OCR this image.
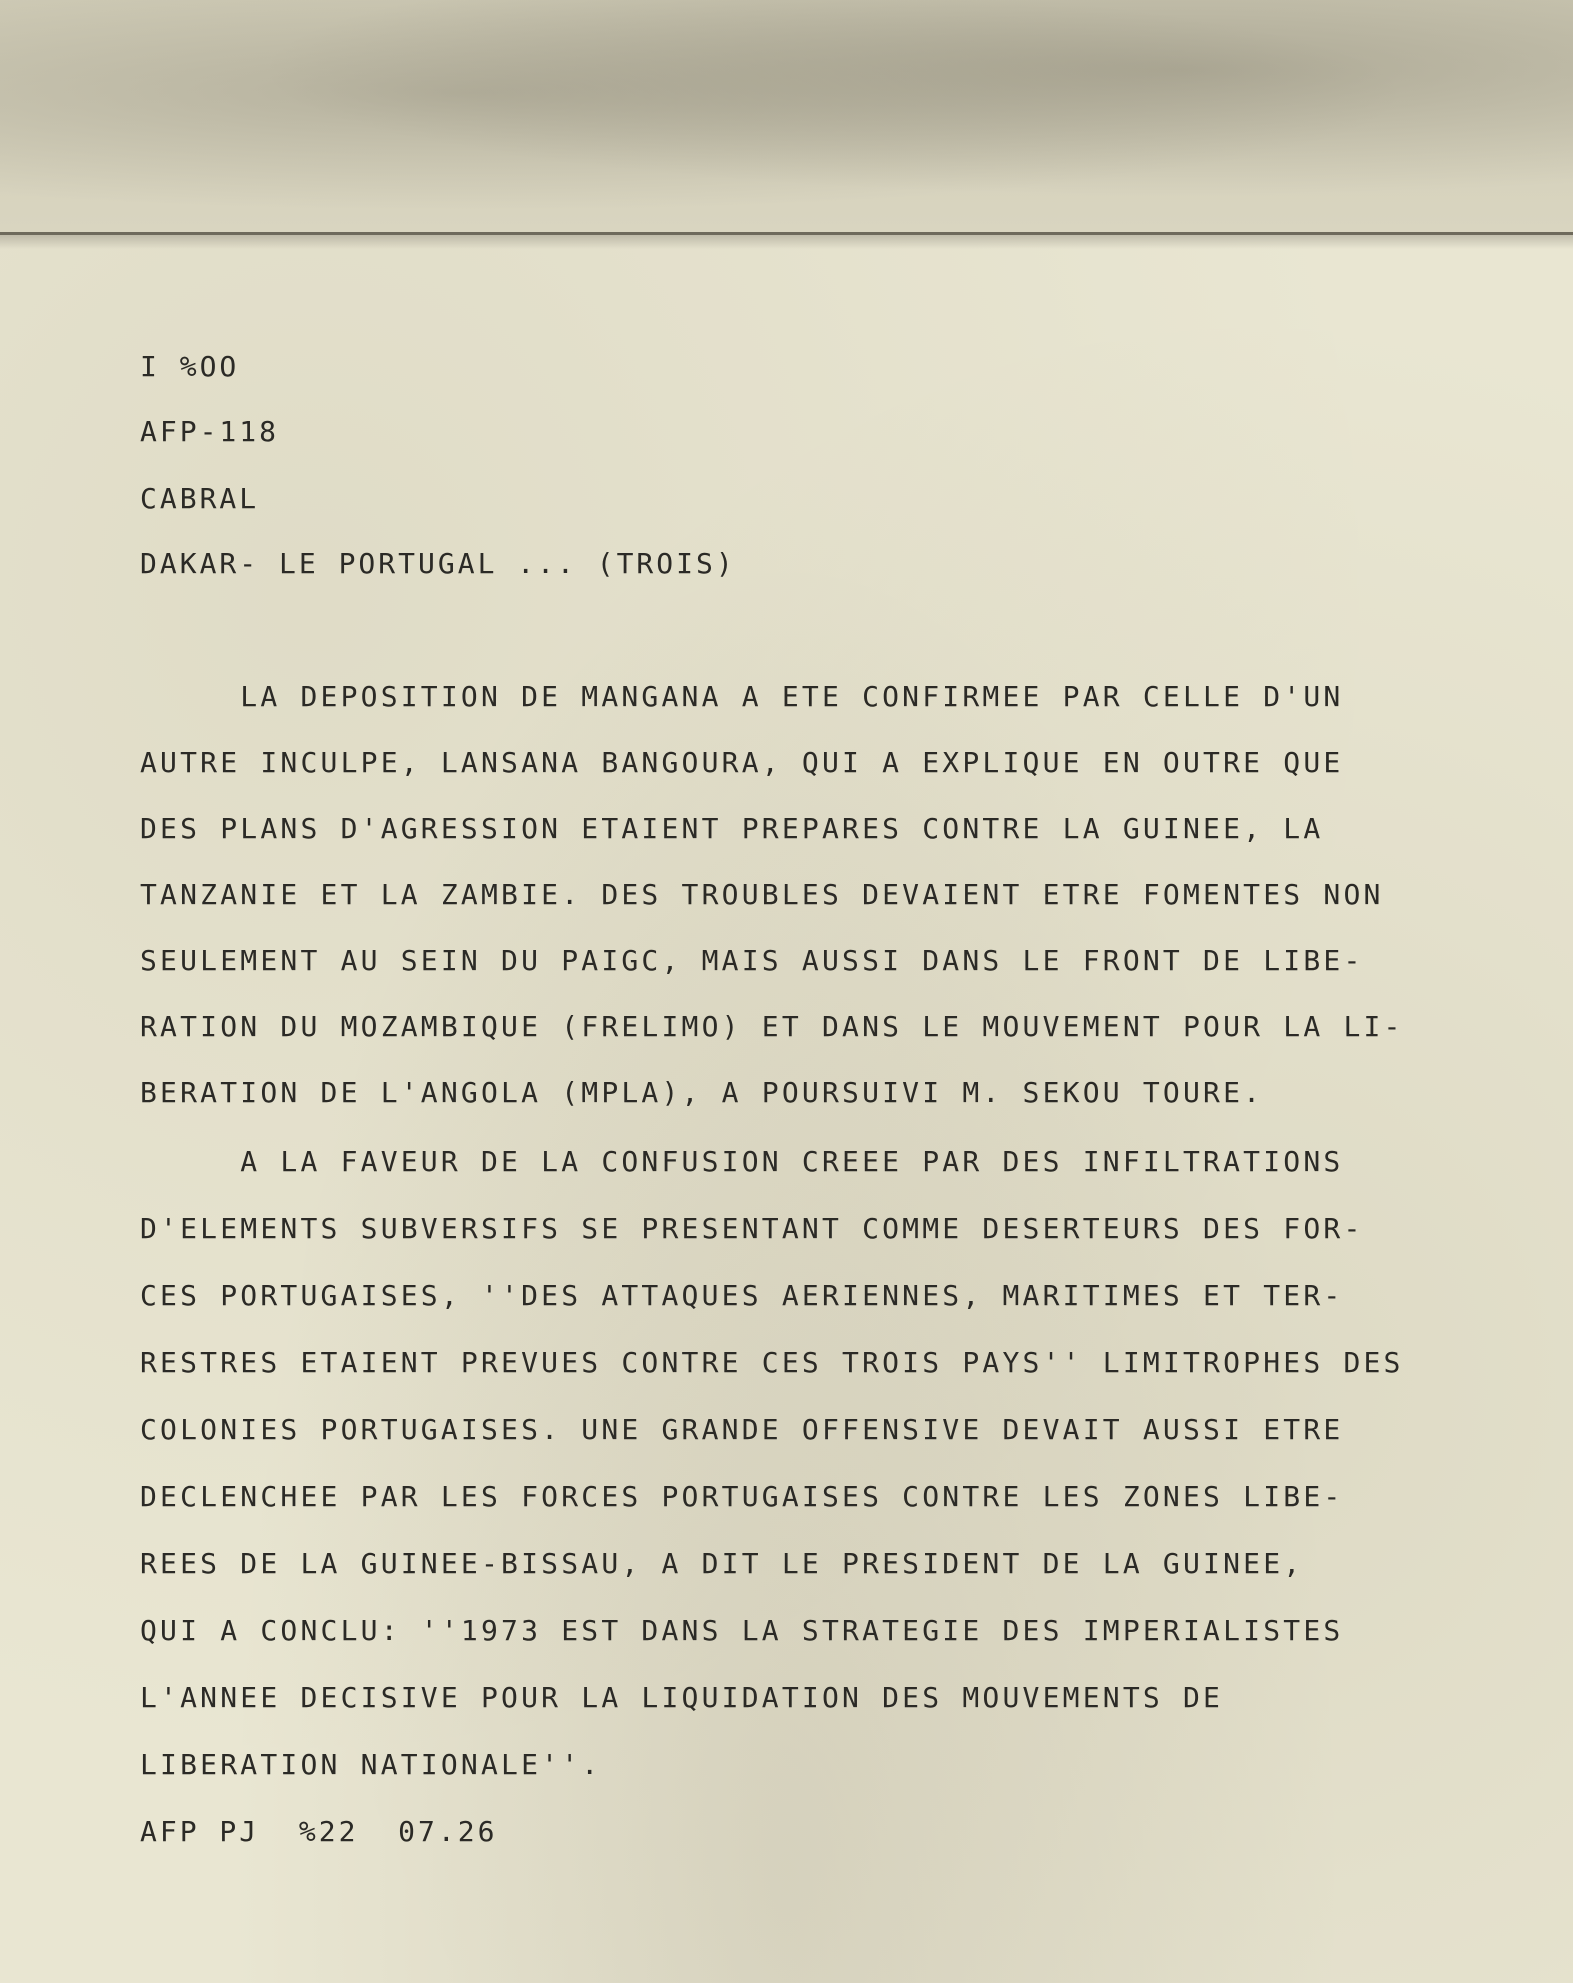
I %OO
AFP-118
CABRAL
DAKAR- LE PORTUGAL ... (TROIS)
LA DEPOSITION DE MANGANA A ETE CONFIRMEE PAR CELLE D'UN
AUTRE INCULPE, LANSANA BANGOURA, QUI A EXPLIQUE EN OUTRE QUE
DES PLANS D'AGRESSION ETAIENT PREPARES CONTRE LA GUINEE, LA
TANZANIE ET LA ZAMBIE. DES TROUBLES DEVAIENT ETRE FOMENTES NON
SEULEMENT AU SEIN DU PAIGC, MAIS AUSSI DANS LE FRONT DE LIBE-
RATION DU MOZAMBIQUE (FRELIMO) ET DANS LE MOUVEMENT POUR LA LI-
BERATION DE L'ANGOLA (MPLA), A POURSUIVI M. SEKOU TOURE.
A LA FAVEUR DE LA CONFUSION CREEE PAR DES INFILTRATIONS
D'ELEMENTS SUBVERSIFS SE PRESENTANT COMME DESERTEURS DES FOR-
CES PORTUGAISES, ''DES ATTAQUES AERIENNES, MARITIMES ET TER-
RESTRES ETAIENT PREVUES CONTRE CES TROIS PAYS'' LIMITROPHES DES
COLONIES PORTUGAISES. UNE GRANDE OFFENSIVE DEVAIT AUSSI ETRE
DECLENCHEE PAR LES FORCES PORTUGAISES CONTRE LES ZONES LIBE-
REES DE LA GUINEE-BISSAU, A DIT LE PRESIDENT DE LA GUINEE,
QUI A CONCLU: ''1973 EST DANS LA STRATEGIE DES IMPERIALISTES
L'ANNEE DECISIVE POUR LA LIQUIDATION DES MOUVEMENTS DE
LIBERATION NATIONALE''.
AFP PJ  %22  07.26
